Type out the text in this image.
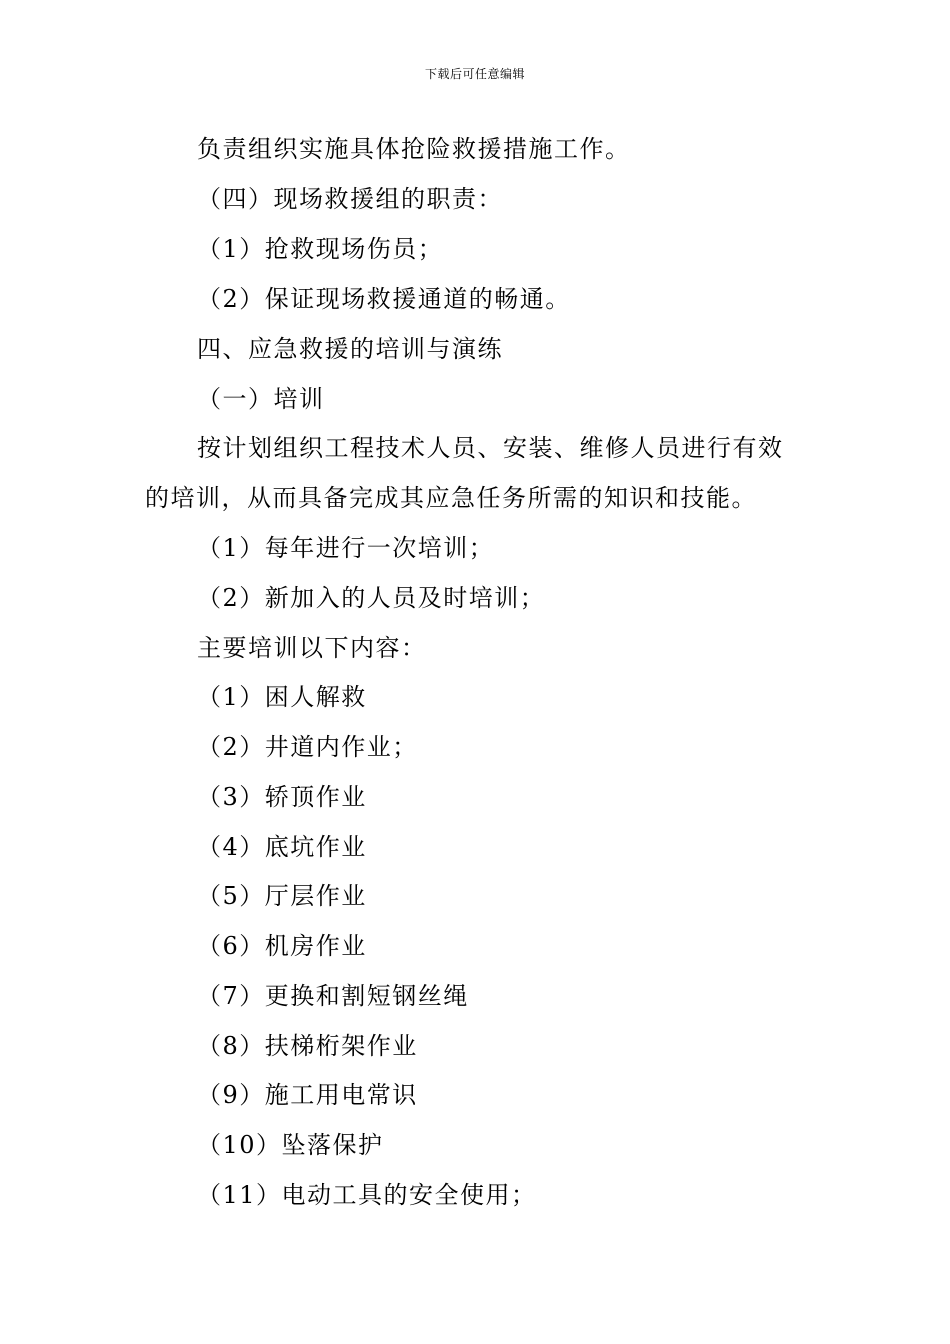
下载后可任意编辑
负责组织实施具体抢险救援措施工作。
（四）现场救援组的职责：
（1）抢救现场伤员；
（2）保证现场救援通道的畅通。
四、应急救援的培训与演练
（一）培训
按计划组织工程技术人员、安装、维修人员进行有效
的培训，从而具备完成其应急任务所需的知识和技能。
（1）每年进行一次培训；
（2）新加入的人员及时培训；
主要培训以下内容：
（1）困人解救
（2）井道内作业；
（3）轿顶作业
（4）底坑作业
（5）厅层作业
（6）机房作业
（7）更换和割短钢丝绳
（8）扶梯桁架作业
（9）施工用电常识
（10）坠落保护
（11）电动工具的安全使用；
